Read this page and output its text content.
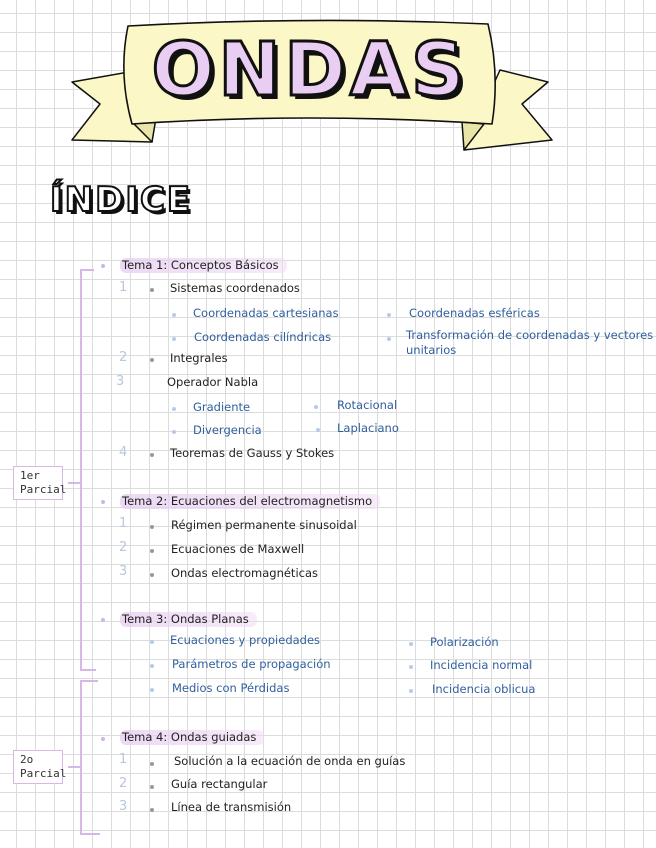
ONDAS
ÍNDICE
1er Parcial
2o Parcial
Tema 1: Conceptos Básicos
1	Sistemas coordenados
Coordenadas cartesianas	Coordenadas esféricas
Coordenadas cilíndricas	Transformación de coordenadas y vectores unitarios
2	Integrales
3	Operador Nabla
Gradiente	Rotacional
Divergencia	Laplaciano
4	Teoremas de Gauss y Stokes
Tema 2: Ecuaciones del electromagnetismo
1	Régimen permanente sinusoidal
2	Ecuaciones de Maxwell
3	Ondas electromagnéticas
Tema 3: Ondas Planas
Ecuaciones y propiedades	Polarización
Parámetros de propagación	Incidencia normal
Medios con Pérdidas	Incidencia oblicua
Tema 4: Ondas guiadas
1	Solución a la ecuación de onda en guías
2	Guía rectangular
3	Línea de transmisión
